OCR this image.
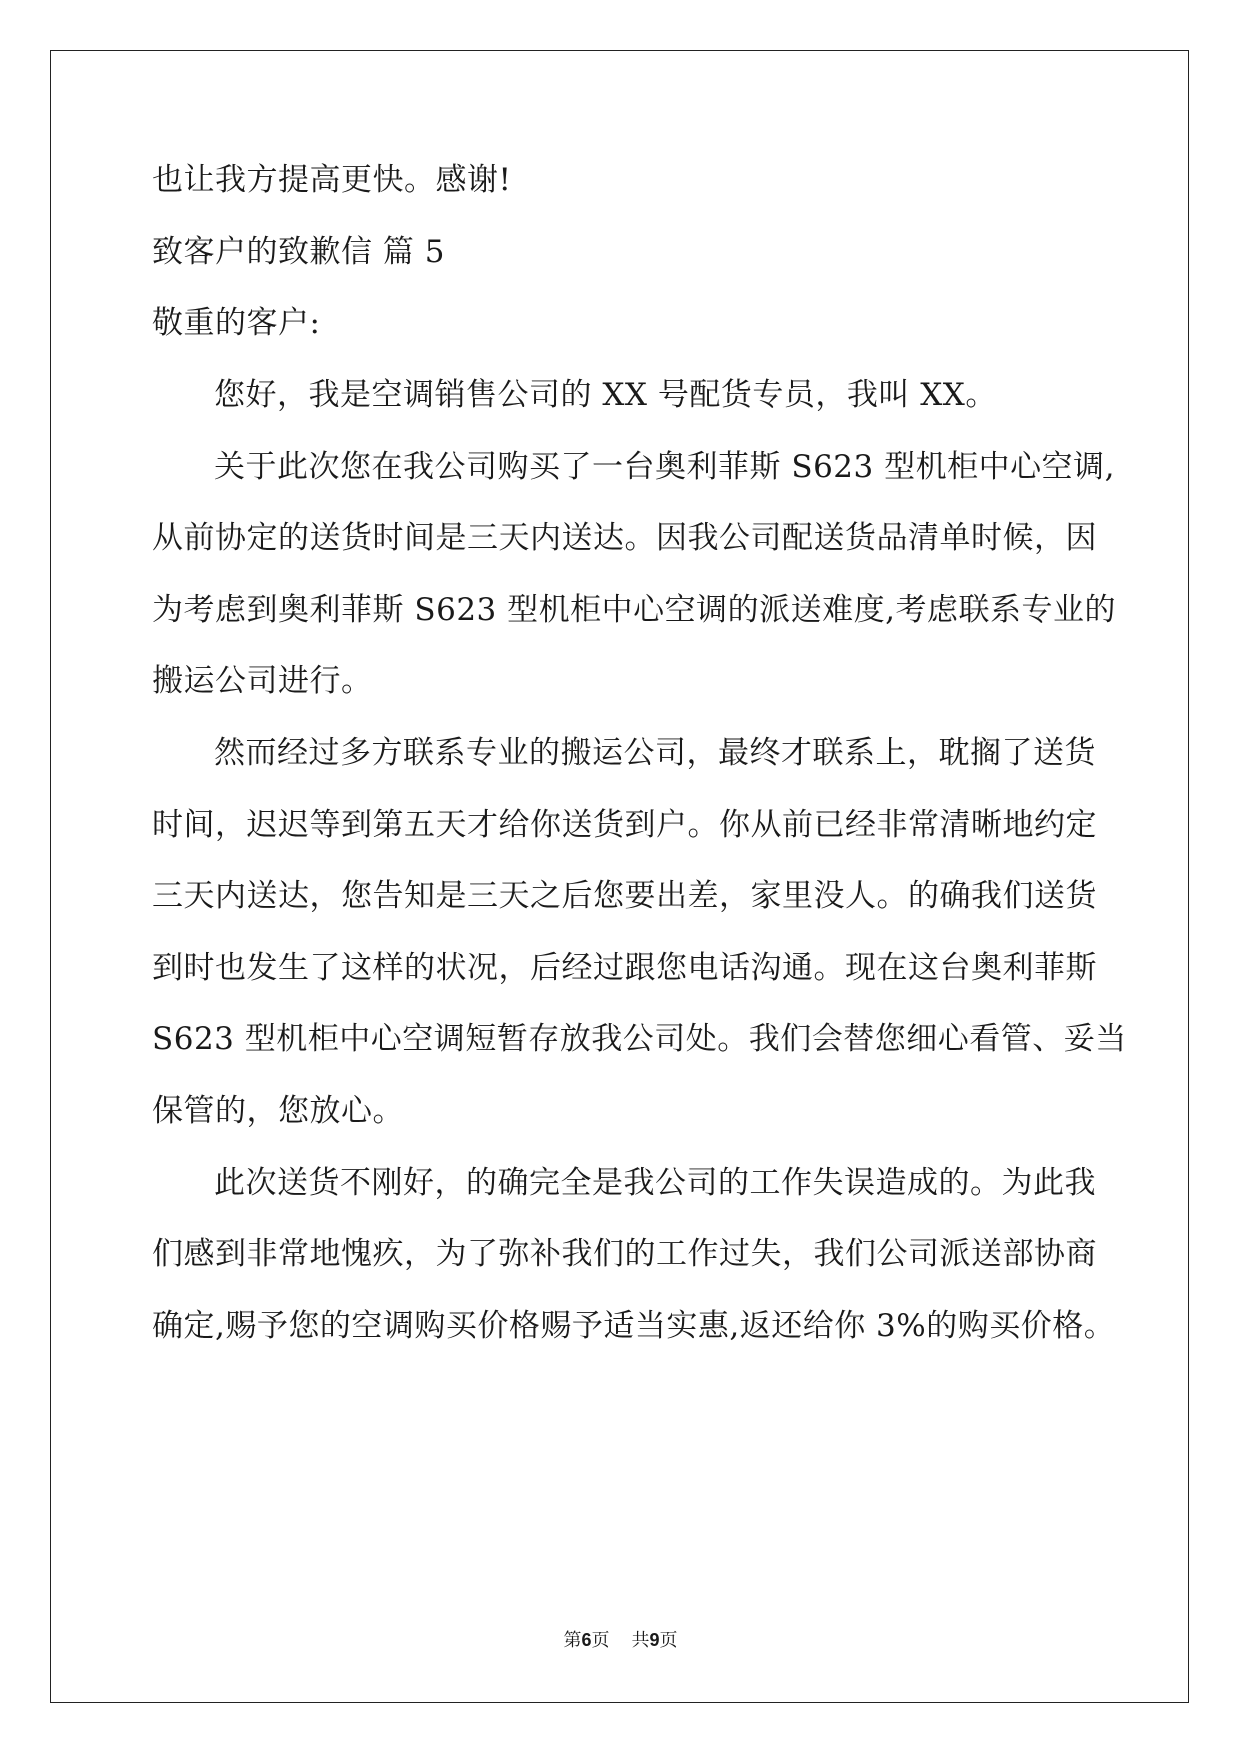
也让我方提高更快。感谢!
致客户的致歉信 篇 5
敬重的客户:
您好，我是空调销售公司的 XX 号配货专员，我叫 XX。
关于此次您在我公司购买了一台奥利菲斯 S623 型机柜中心空调,
从前协定的送货时间是三天内送达。因我公司配送货品清单时候，因
为考虑到奥利菲斯 S623 型机柜中心空调的派送难度,考虑联系专业的
搬运公司进行。
然而经过多方联系专业的搬运公司，最终才联系上，耽搁了送货
时间，迟迟等到第五天才给你送货到户。你从前已经非常清晰地约定
三天内送达，您告知是三天之后您要出差，家里没人。的确我们送货
到时也发生了这样的状况，后经过跟您电话沟通。现在这台奥利菲斯
S623 型机柜中心空调短暂存放我公司处。我们会替您细心看管、妥当
保管的，您放心。
此次送货不刚好，的确完全是我公司的工作失误造成的。为此我
们感到非常地愧疚，为了弥补我们的工作过失，我们公司派送部协商
确定,赐予您的空调购买价格赐予适当实惠,返还给你 3%的购买价格。
第6页 共9页
